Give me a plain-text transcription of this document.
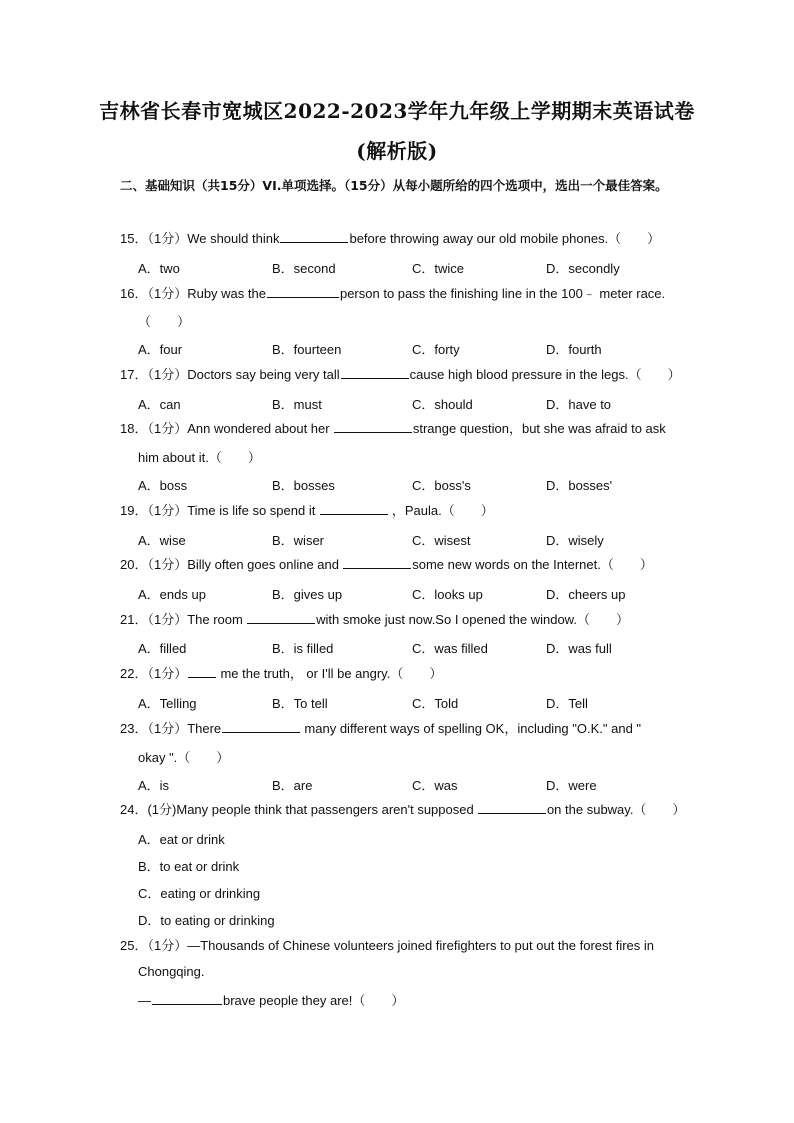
吉林省长春市宽城区2022-2023学年九年级上学期期末英语试卷
(解析版)
二、基础知识（共15分）VI.单项选择。（15分）从每小题所给的四个选项中，选出一个最佳答案。
15．（1分）We should think	before throwing away our old mobile phones.（　　）
A．two	B．second	C．twice	D．secondly
16．（1分）Ruby was the	person to pass the finishing line in the 100﹣ meter race.
（　　）
A．four	B．fourteen	C．forty	D．fourth
17．（1分）Doctors say being very tall	cause high blood pressure in the legs.（　　）
A．can	B．must	C．should	D．have to
18．（1分）Ann wondered about her	strange question，but she was afraid to ask
him about it.（　　）
A．boss	B．bosses	C．boss's	D．bosses'
19．（1分）Time is life so spend it	，Paula.（　　）
A．wise	B．wiser	C．wisest	D．wisely
20．（1分）Billy often goes online and	some new words on the Internet.（　　）
A．ends up	B．gives up	C．looks up	D．cheers up
21．（1分）The room	with smoke just now.So I opened the window.（　　）
A．filled	B．is filled	C．was filled	D．was full
22．（1分）	me the truth， or I'll be angry.（　　）
A．Telling	B．To tell	C．Told	D．Tell
23．（1分）There	many different ways of spelling OK，including "O.K." and "
okay ".（　　）
A．is	B．are	C．was	D．were
24．(1分)Many people think that passengers aren't supposed	on the subway.（　　）
A．eat or drink
B．to eat or drink
C．eating or drinking
D．to eating or drinking
25．（1分）—Thousands of Chinese volunteers joined firefighters to put out the forest fires in
Chongqing.
—	brave people they are!（　　）
